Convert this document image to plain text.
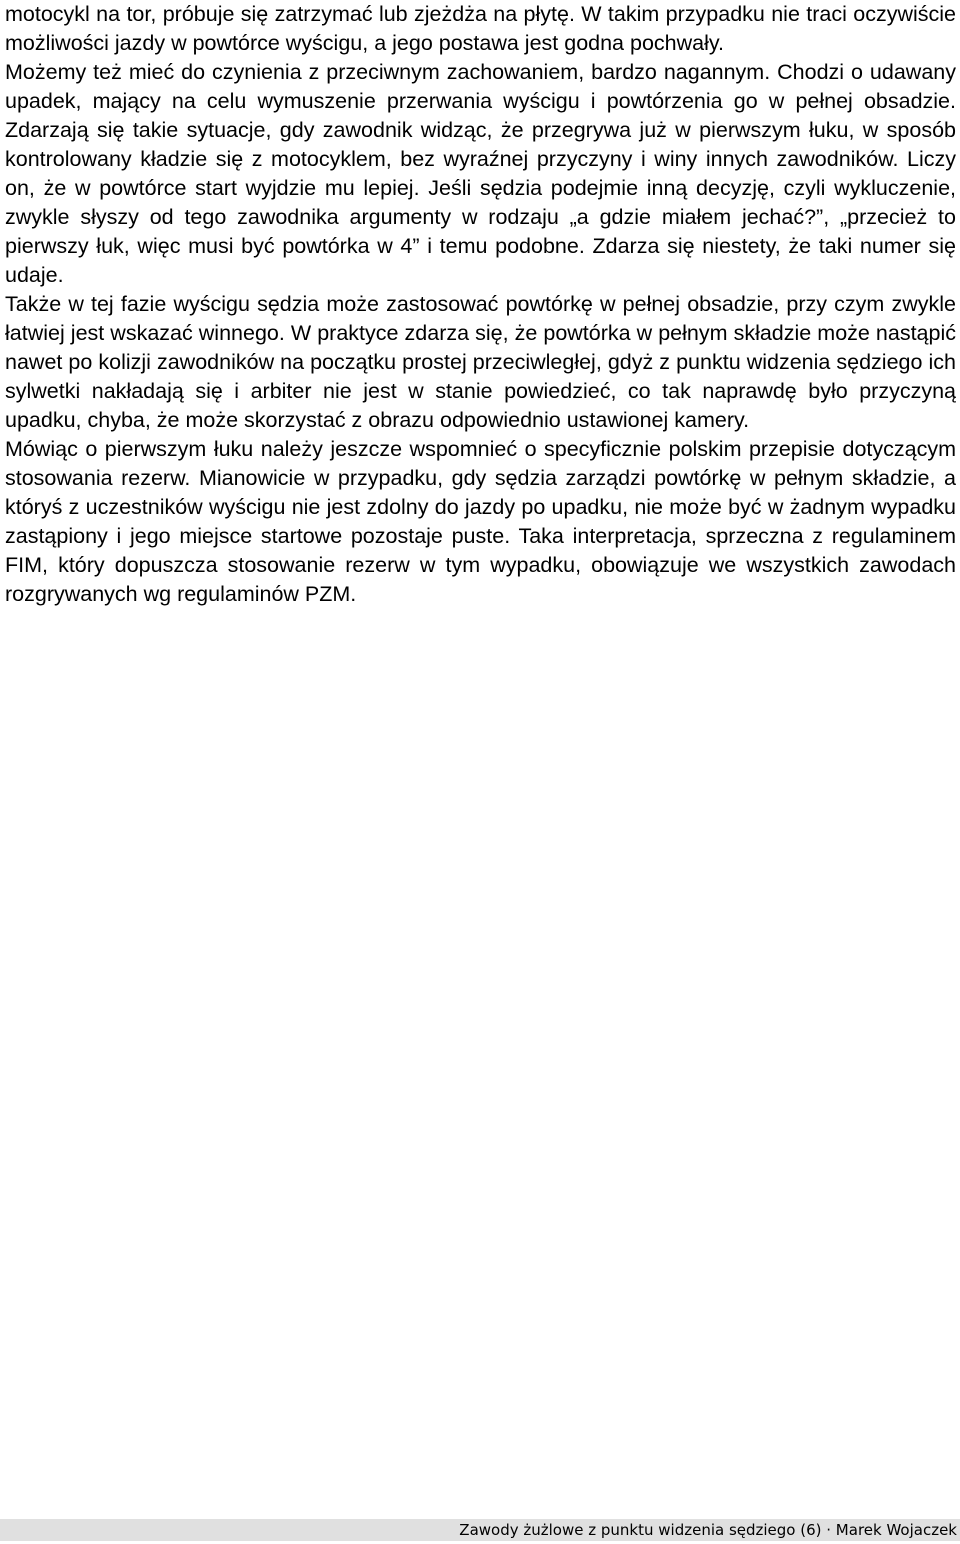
motocykl na tor, próbuje się zatrzymać lub zjeżdża na płytę. W takim przypadku nie traci oczywiście możliwości jazdy w powtórce wyścigu, a jego postawa jest godna pochwały.

Możemy też mieć do czynienia z przeciwnym zachowaniem, bardzo nagannym. Chodzi o udawany upadek, mający na celu wymuszenie przerwania wyścigu i powtórzenia go w pełnej obsadzie. Zdarzają się takie sytuacje, gdy zawodnik widząc, że przegrywa już w pierwszym łuku, w sposób kontrolowany kładzie się z motocyklem, bez wyraźnej przyczyny i winy innych zawodników. Liczy on, że w powtórce start wyjdzie mu lepiej. Jeśli sędzia podejmie inną decyzję, czyli wykluczenie, zwykle słyszy od tego zawodnika argumenty w rodzaju „a gdzie miałem jechać?”, „przecież to pierwszy łuk, więc musi być powtórka w 4” i temu podobne. Zdarza się niestety, że taki numer się udaje.

Także w tej fazie wyścigu sędzia może zastosować powtórkę w pełnej obsadzie, przy czym zwykle łatwiej jest wskazać winnego. W praktyce zdarza się, że powtórka w pełnym składzie może nastąpić nawet po kolizji zawodników na początku prostej przeciwległej, gdyż z punktu widzenia sędziego ich sylwetki nakładają się i arbiter nie jest w stanie powiedzieć, co tak naprawdę było przyczyną upadku, chyba, że może skorzystać z obrazu odpowiednio ustawionej kamery.

Mówiąc o pierwszym łuku należy jeszcze wspomnieć o specyficznie polskim przepisie dotyczącym stosowania rezerw. Mianowicie w przypadku, gdy sędzia zarządzi powtórkę w pełnym składzie, a któryś z uczestników wyścigu nie jest zdolny do jazdy po upadku, nie może być w żadnym wypadku zastąpiony i jego miejsce startowe pozostaje puste. Taka interpretacja, sprzeczna z regulaminem FIM, który dopuszcza stosowanie rezerw w tym wypadku, obowiązuje we wszystkich zawodach rozgrywanych wg regulaminów PZM.

Zawody żużlowe z punktu widzenia sędziego (6) · Marek Wojaczek
